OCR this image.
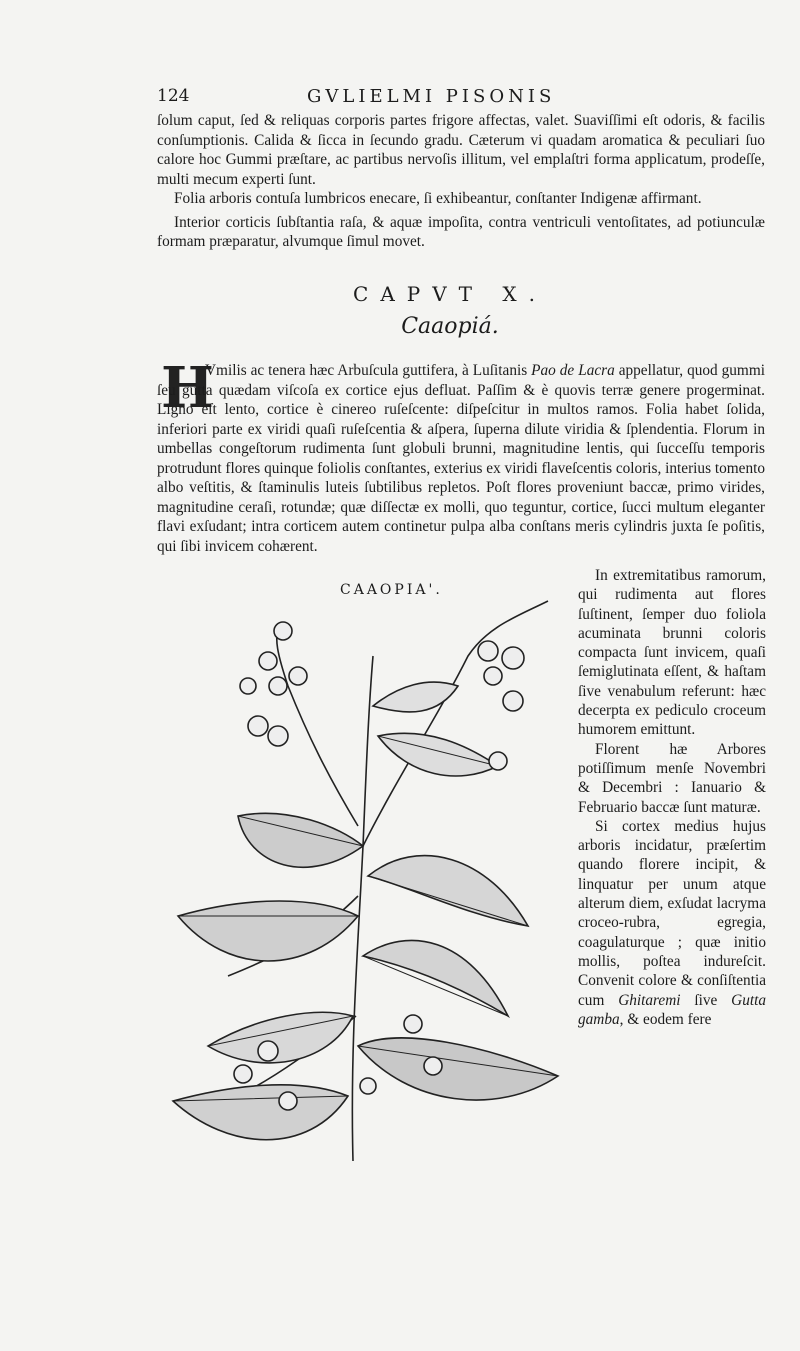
124	GVLIELMI PISONIS

ſolum caput, ſed & reliquas corporis partes frigore affectas, valet. Suaviſſimi eſt odoris, & facilis conſumptionis. Calida & ſicca in ſecundo gradu. Cæterum vi quadam aromatica & peculiari ſuo calore hoc Gummi præſtare, ac partibus nervoſis illitum, vel emplaſtri forma applicatum, prodeſſe, multi mecum experti ſunt.

Folia arboris contuſa lumbricos enecare, ſi exhibeantur, conſtanter Indigenæ affirmant.

Interior corticis ſubſtantia raſa, & aquæ impoſita, contra ventriculi ventoſitates, ad potiunculæ formam præparatur, alvumque ſimul movet.

CAPVT X.
Caaopiá.
H

Vmilis ac tenera hæc Arbuſcula guttifera, à Luſitanis Pao de Lacra appellatur, quod gummi ſeu gutta quædam viſcoſa ex cortice ejus defluat. Paſſim & è quovis terræ genere progerminat. Ligno eſt lento, cortice è cinereo ruſeſcente: diſpeſcitur in multos ramos. Folia habet ſolida, inferiori parte ex viridi quaſi ruſeſcentia & aſpera, ſuperna dilute viridia & ſplendentia. Florum in umbellas congeſtorum rudimenta ſunt globuli brunni, magnitudine lentis, qui ſucceſſu temporis protrudunt flores quinque foliolis conſtantes, exterius ex viridi flaveſcentis coloris, interius tomento albo veſtitis, & ſtaminulis luteis ſubtilibus repletos. Poſt flores proveniunt baccæ, primo virides, magnitudine ceraſi, rotundæ; quæ diſſectæ ex molli, quo teguntur, cortice, ſucci multum eleganter flavi exſudant; intra corticem autem continetur pulpa alba conſtans meris cylindris juxta ſe poſitis, qui ſibi invicem cohærent.

CAAOPIA'.

In extremitatibus ramorum, qui rudimenta aut flores ſuſtinent, ſemper duo foliola acuminata brunni coloris compacta ſunt invicem, quaſi ſemiglutinata eſſent, & haſtam ſive venabulum referunt: hæc decerpta ex pediculo croceum humorem emittunt.

Florent hæ Arbores potiſſimum menſe Novembri & Decembri : Ianuario & Februario baccæ ſunt maturæ.

Si cortex medius hujus arboris incidatur, præſertim quando florere incipit, & linquatur per unum atque alterum diem, exſudat lacryma croceo-rubra, egregia, coagulaturque ; quæ initio mollis, poſtea indureſcit. Convenit colore & conſiſtentia cum Ghitaremi ſive Gutta gamba, & eodem fere
